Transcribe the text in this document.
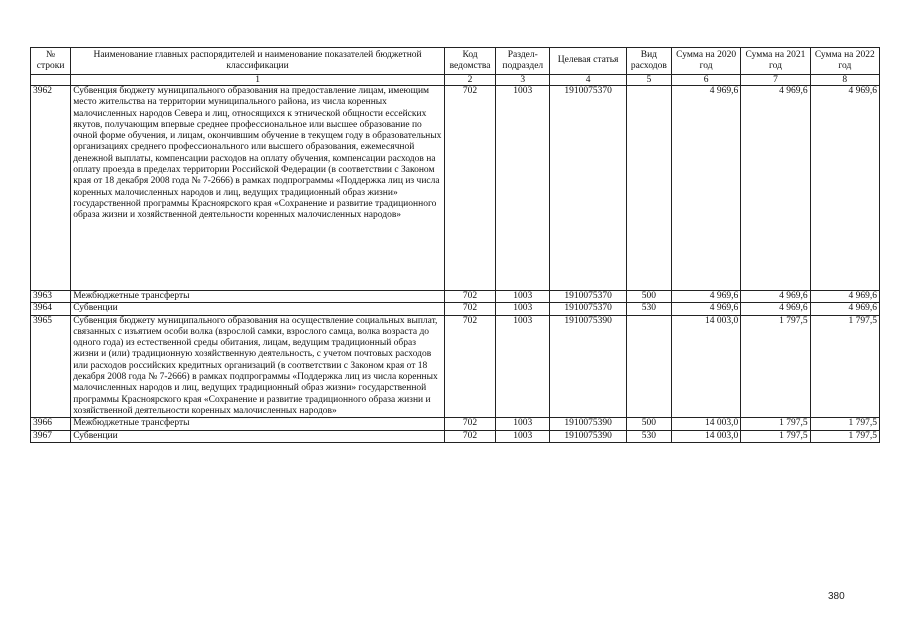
№ строки	Наименование главных распорядителей и наименование показателей бюджетной классификации	Код ведомства	Раздел-подраздел	Целевая статья	Вид расходов	Сумма на 2020 год	Сумма на 2021 год	Сумма на 2022 год
	1	2	3	4	5	6	7	8
3962	Субвенция бюджету муниципального образования на предоставление лицам, имеющим место жительства на территории муниципального района, из числа коренных малочисленных народов Севера и лиц, относящихся к этнической общности ессейских якутов, получающим впервые среднее профессиональное или высшее образование по очной форме обучения, и лицам, окончившим обучение в текущем году в образовательных организациях среднего профессионального или высшего образования, ежемесячной денежной выплаты, компенсации расходов на оплату обучения, компенсации расходов на оплату проезда в пределах территории Российской Федерации (в соответствии с Законом края от 18 декабря 2008 года № 7-2666) в рамках подпрограммы «Поддержка лиц из числа коренных малочисленных народов и лиц, ведущих традиционный образ жизни» государственной программы Красноярского края «Сохранение и развитие традиционного образа жизни и хозяйственной деятельности коренных малочисленных народов»	702	1003	1910075370		4 969,6	4 969,6	4 969,6
3963	Межбюджетные трансферты	702	1003	1910075370	500	4 969,6	4 969,6	4 969,6
3964	Субвенции	702	1003	1910075370	530	4 969,6	4 969,6	4 969,6
3965	Субвенция бюджету муниципального образования на осуществление социальных выплат, связанных с изъятием особи волка (взрослой самки, взрослого самца, волка возраста до одного года) из естественной среды обитания, лицам, ведущим традиционный образ жизни и (или) традиционную хозяйственную деятельность, с учетом почтовых расходов или расходов российских кредитных организаций (в соответствии с Законом края от 18 декабря 2008 года № 7-2666) в рамках подпрограммы «Поддержка лиц из числа коренных малочисленных народов и лиц, ведущих традиционный образ жизни» государственной программы Красноярского края «Сохранение и развитие традиционного образа жизни и хозяйственной деятельности коренных малочисленных народов»	702	1003	1910075390		14 003,0	1 797,5	1 797,5
3966	Межбюджетные трансферты	702	1003	1910075390	500	14 003,0	1 797,5	1 797,5
3967	Субвенции	702	1003	1910075390	530	14 003,0	1 797,5	1 797,5
380
